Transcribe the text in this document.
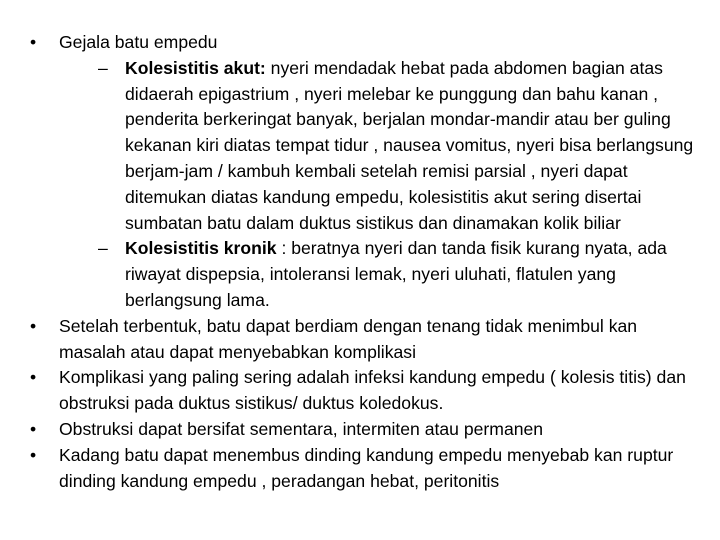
•	Gejala batu empedu
– Kolesistitis akut: nyeri mendadak hebat pada abdomen bagian atas didaerah epigastrium , nyeri melebar ke punggung dan bahu kanan , penderita berkeringat banyak, berjalan mondar-mandir atau ber guling kekanan kiri diatas tempat tidur , nausea vomitus, nyeri bisa berlangsung berjam-jam / kambuh kembali setelah remisi parsial , nyeri dapat ditemukan diatas kandung empedu, kolesistitis akut sering disertai sumbatan batu dalam duktus sistikus dan dinamakan kolik biliar
– Kolesistitis kronik : beratnya nyeri dan tanda fisik kurang nyata, ada riwayat dispepsia, intoleransi lemak, nyeri uluhati, flatulen yang berlangsung lama.
•	Setelah terbentuk, batu dapat berdiam dengan tenang tidak menimbul kan masalah atau dapat menyebabkan komplikasi
•	Komplikasi yang paling sering adalah infeksi kandung empedu ( kolesis titis) dan obstruksi pada duktus sistikus/ duktus koledokus.
•	Obstruksi dapat bersifat sementara, intermiten atau permanen
•	Kadang batu dapat menembus dinding kandung empedu menyebab kan ruptur dinding kandung empedu , peradangan hebat, peritonitis
